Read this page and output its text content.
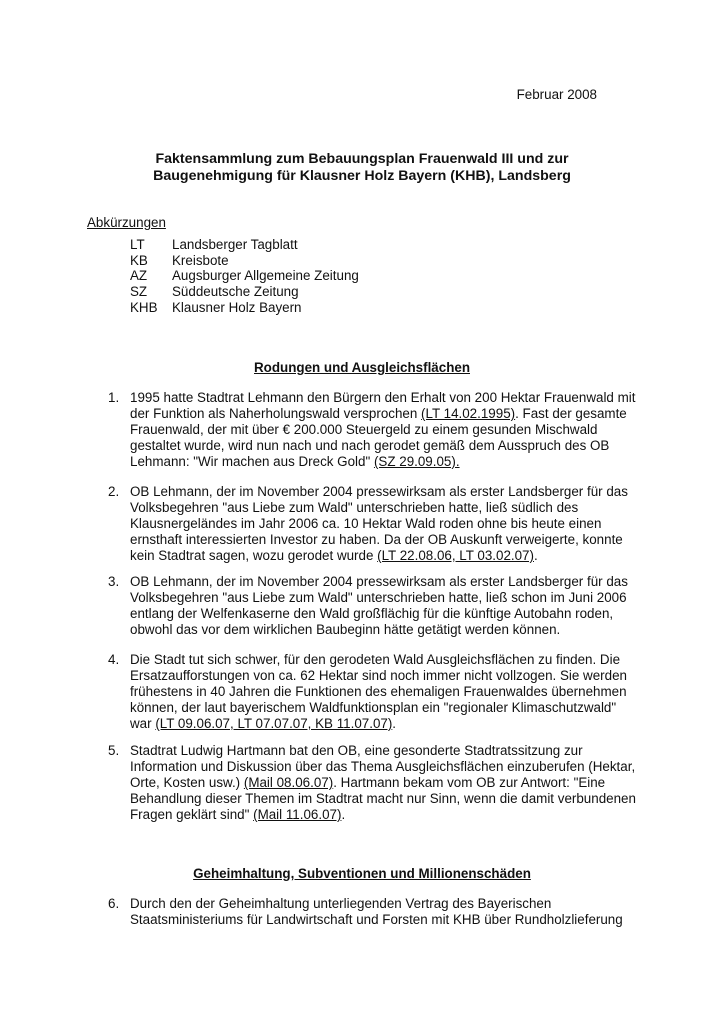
Februar 2008
Faktensammlung zum Bebauungsplan Frauenwald III und zur
Baugenehmigung für Klausner Holz Bayern (KHB), Landsberg
Abkürzungen
LT	Landsberger Tagblatt
KB	Kreisbote
AZ	Augsburger Allgemeine Zeitung
SZ	Süddeutsche Zeitung
KHB	Klausner Holz Bayern
Rodungen und Ausgleichsflächen
1. 1995 hatte Stadtrat Lehmann den Bürgern den Erhalt von 200 Hektar Frauenwald mit der Funktion als Naherholungswald versprochen (LT 14.02.1995). Fast der gesamte Frauenwald, der mit über € 200.000 Steuergeld zu einem gesunden Mischwald gestaltet wurde, wird nun nach und nach gerodet gemäß dem Ausspruch des OB Lehmann: "Wir machen aus Dreck Gold" (SZ 29.09.05).
2. OB Lehmann, der im November 2004 pressewirksam als erster Landsberger für das Volksbegehren "aus Liebe zum Wald" unterschrieben hatte, ließ südlich des Klausnergeländes im Jahr 2006 ca. 10 Hektar Wald roden ohne bis heute einen ernsthaft interessierten Investor zu haben. Da der OB Auskunft verweigerte, konnte kein Stadtrat sagen, wozu gerodet wurde (LT 22.08.06, LT 03.02.07).
3. OB Lehmann, der im November 2004 pressewirksam als erster Landsberger für das Volksbegehren "aus Liebe zum Wald" unterschrieben hatte, ließ schon im Juni 2006 entlang der Welfenkaserne den Wald großflächig für die künftige Autobahn roden, obwohl das vor dem wirklichen Baubeginn hätte getätigt werden können.
4. Die Stadt tut sich schwer, für den gerodeten Wald Ausgleichsflächen zu finden. Die Ersatzaufforstungen von ca. 62 Hektar sind noch immer nicht vollzogen. Sie werden frühestens in 40 Jahren die Funktionen des ehemaligen Frauenwaldes übernehmen können, der laut bayerischem Waldfunktionsplan ein "regionaler Klimaschutzwald" war (LT 09.06.07, LT 07.07.07, KB 11.07.07).
5. Stadtrat Ludwig Hartmann bat den OB, eine gesonderte Stadtratssitzung zur Information und Diskussion über das Thema Ausgleichsflächen einzuberufen (Hektar, Orte, Kosten usw.) (Mail 08.06.07). Hartmann bekam vom OB zur Antwort: "Eine Behandlung dieser Themen im Stadtrat macht nur Sinn, wenn die damit verbundenen Fragen geklärt sind" (Mail 11.06.07).
Geheimhaltung, Subventionen und Millionenschäden
6. Durch den der Geheimhaltung unterliegenden Vertrag des Bayerischen Staatsministeriums für Landwirtschaft und Forsten mit KHB über Rundholzlieferung
